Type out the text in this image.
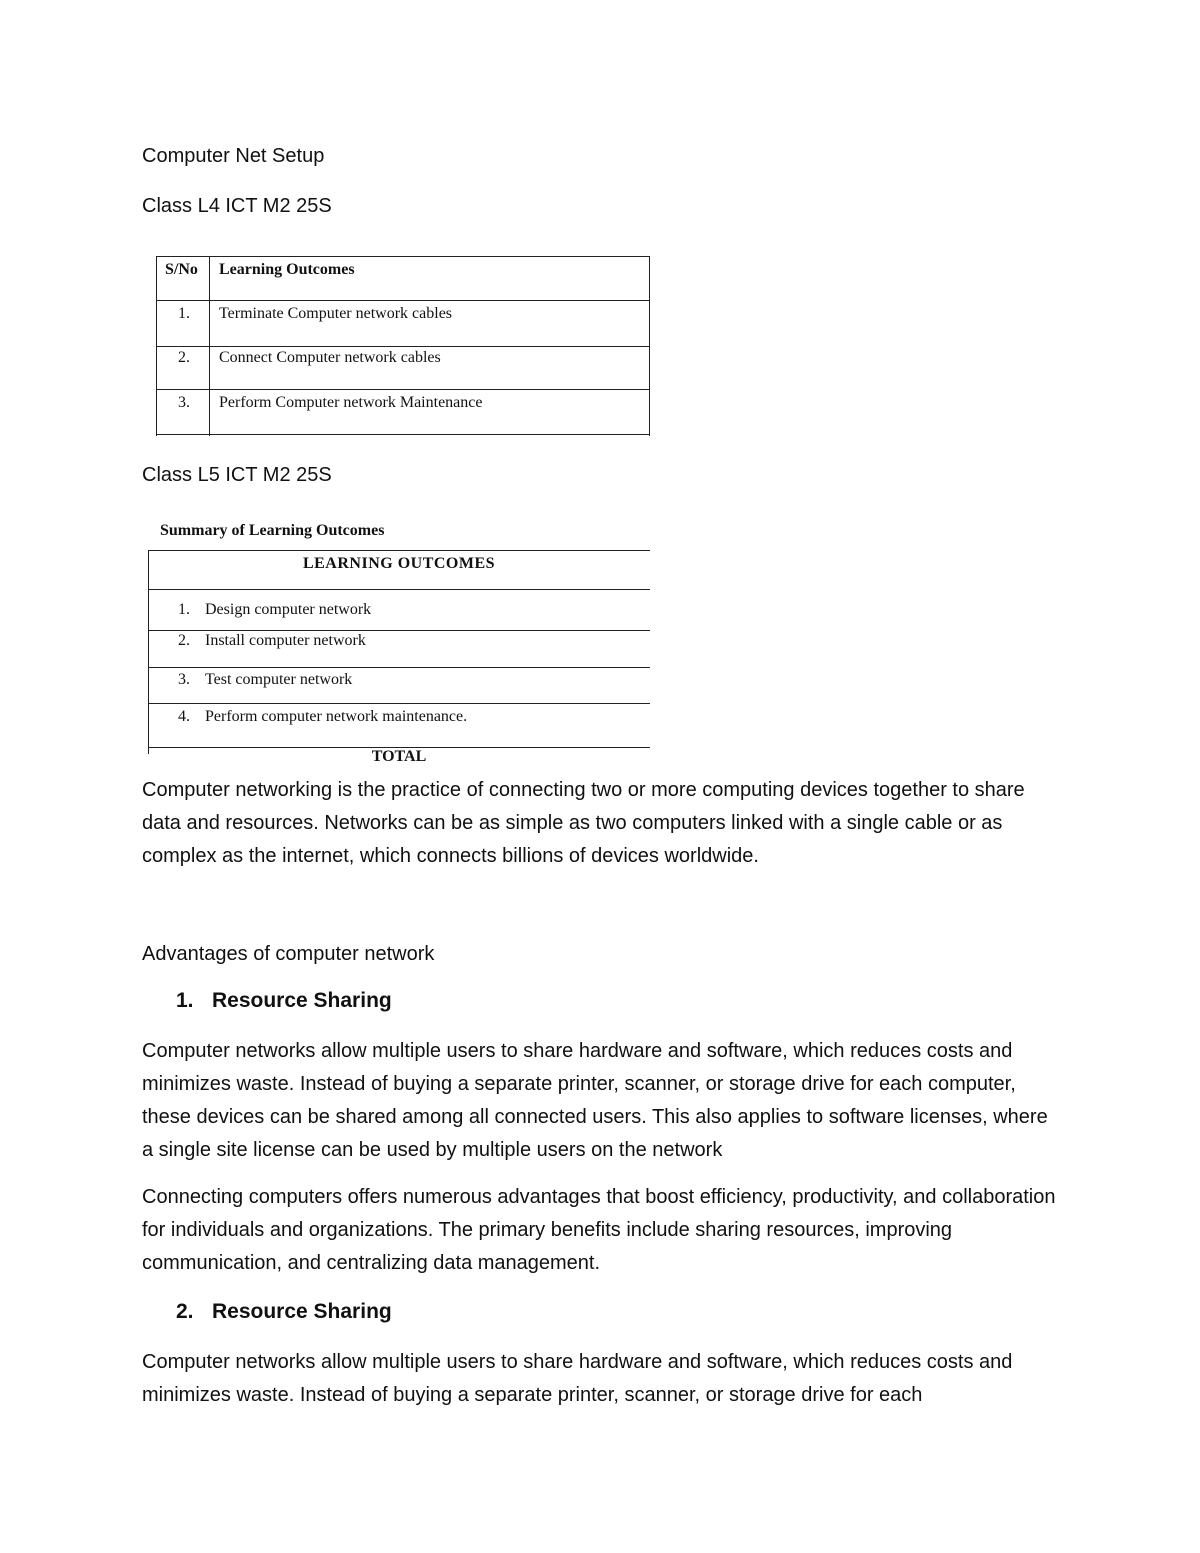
Computer Net Setup
Class L4 ICT M2 25S
S/No Learning Outcomes
1. Terminate Computer network cables
2. Connect Computer network cables
3. Perform Computer network Maintenance
Class L5 ICT M2 25S
Summary of Learning Outcomes
LEARNING OUTCOMES
1. Design computer network
2. Install computer network
3. Test computer network
4. Perform computer network maintenance.
TOTAL
Computer networking is the practice of connecting two or more computing devices together to share data and resources. Networks can be as simple as two computers linked with a single cable or as complex as the internet, which connects billions of devices worldwide.
Advantages of computer network
1. Resource Sharing
Computer networks allow multiple users to share hardware and software, which reduces costs and minimizes waste. Instead of buying a separate printer, scanner, or storage drive for each computer, these devices can be shared among all connected users. This also applies to software licenses, where a single site license can be used by multiple users on the network
Connecting computers offers numerous advantages that boost efficiency, productivity, and collaboration for individuals and organizations. The primary benefits include sharing resources, improving communication, and centralizing data management.
2. Resource Sharing
Computer networks allow multiple users to share hardware and software, which reduces costs and minimizes waste. Instead of buying a separate printer, scanner, or storage drive for each
